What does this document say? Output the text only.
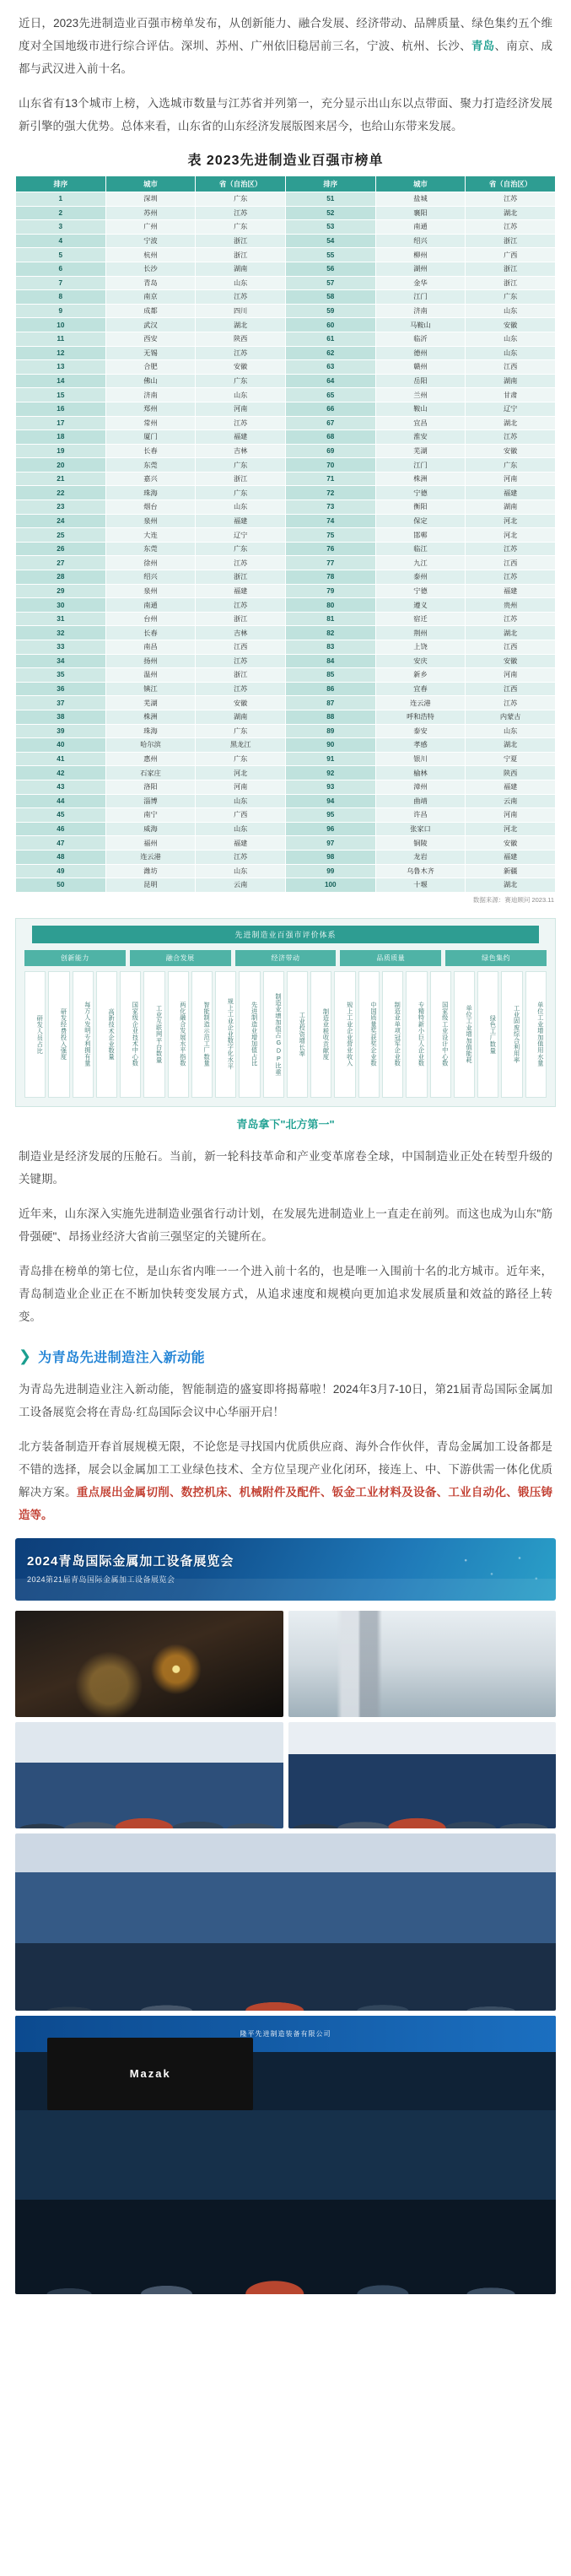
近日，2023先进制造业百强市榜单发布，从创新能力、融合发展、经济带动、品牌质量、绿色集约五个维度对全国地级市进行综合评估。深圳、苏州、广州依旧稳居前三名，宁波、杭州、长沙、青岛、南京、成都与武汉进入前十名。

山东省有13个城市上榜，入选城市数量与江苏省并列第一，充分显示出山东以点带面、聚力打造经济发展新引擎的强大优势。总体来看，山东省的山东经济发展版图来居今，也给山东带来发展。

表 2023先进制造业百强市榜单
排序	城市	省（自治区）	排序	城市	省（自治区）
1	深圳	广东	51	盐城	江苏
2	苏州	江苏	52	襄阳	湖北
3	广州	广东	53	南通	江苏
4	宁波	浙江	54	绍兴	浙江
5	杭州	浙江	55	柳州	广西
6	长沙	湖南	56	湖州	浙江
7	青岛	山东	57	金华	浙江
8	南京	江苏	58	江门	广东
9	成都	四川	59	济南	山东
10	武汉	湖北	60	马鞍山	安徽
11	西安	陕西	61	临沂	山东
12	无锡	江苏	62	德州	山东
13	合肥	安徽	63	赣州	江西
14	佛山	广东	64	岳阳	湖南
15	济南	山东	65	兰州	甘肃
16	郑州	河南	66	鞍山	辽宁
17	常州	江苏	67	宜昌	湖北
18	厦门	福建	68	淮安	江苏
19	长春	吉林	69	芜湖	安徽
20	东莞	广东	70	江门	广东
21	嘉兴	浙江	71	株洲	河南
22	珠海	广东	72	宁德	福建
23	烟台	山东	73	衡阳	湖南
24	泉州	福建	74	保定	河北
25	大连	辽宁	75	邯郸	河北
26	东莞	广东	76	临江	江苏
27	徐州	江苏	77	九江	江西
28	绍兴	浙江	78	泰州	江苏
29	泉州	福建	79	宁德	福建
30	南通	江苏	80	遵义	贵州
31	台州	浙江	81	宿迁	江苏
32	长春	吉林	82	荆州	湖北
33	南昌	江西	83	上饶	江西
34	扬州	江苏	84	安庆	安徽
35	温州	浙江	85	新乡	河南
36	镇江	江苏	86	宜春	江西
37	芜湖	安徽	87	连云港	江苏
38	株洲	湖南	88	呼和浩特	内蒙古
39	珠海	广东	89	泰安	山东
40	哈尔滨	黑龙江	90	孝感	湖北
41	惠州	广东	91	银川	宁夏
42	石家庄	河北	92	榆林	陕西
43	洛阳	河南	93	漳州	福建
44	淄博	山东	94	曲靖	云南
45	南宁	广西	95	许昌	河南
46	威海	山东	96	张家口	河北
47	福州	福建	97	铜陵	安徽
48	连云港	江苏	98	龙岩	福建
49	潍坊	山东	99	乌鲁木齐	新疆
50	昆明	云南	100	十堰	湖北
数据来源：赛迪顾问 2023.11
先进制造业百强市评价体系
创新能力	融合发展	经济带动	品质质量	绿色集约
研发人员占比	研发经费投入强度	每万人发明专利拥有量	高新技术企业数量	国家级企业技术中心数	工业互联网平台数量	两化融合发展水平指数	智能制造示范工厂数量	规上工业企业数字化水平	先进制造业增加值占比	制造业增加值占GDP比重	工业投资增长率	制造业税收贡献度	规上工业企业营业收入	中国质量奖获奖企业数	制造业单项冠军企业数	专精特新小巨人企业数	国家级工业设计中心数	单位工业增加值能耗	绿色工厂数量	工业固废综合利用率	单位工业增加值用水量
青岛拿下"北方第一"

制造业是经济发展的压舱石。当前，新一轮科技革命和产业变革席卷全球，中国制造业正处在转型升级的关键期。

近年来，山东深入实施先进制造业强省行动计划，在发展先进制造业上一直走在前列。而这也成为山东"筋骨强硬"、昂扬业经济大省前三强坚定的关键所在。

青岛排在榜单的第七位，是山东省内唯一一个进入前十名的，也是唯一入围前十名的北方城市。近年来，青岛制造业企业正在不断加快转变发展方式，从追求速度和规模向更加追求发展质量和效益的路径上转变。

❯ 为青岛先进制造注入新动能

为青岛先进制造业注入新动能，智能制造的盛宴即将揭幕啦！2024年3月7-10日，第21届青岛国际金属加工设备展览会将在青岛·红岛国际会议中心华丽开启！

北方装备制造开春首展规模无限，不论您是寻找国内优质供应商、海外合作伙伴，青岛金属加工设备都是不错的选择，展会以金属加工工业绿色技术、全方位呈现产业化闭环，接连上、中、下游供需一体化优质解决方案。重点展出金属切削、数控机床、机械附件及配件、钣金工业材料及设备、工业自动化、锻压铸造等。

2024青岛国际金属加工设备展览会
2024第21届青岛国际金属加工设备展览会
隆平先进制造装备有限公司
Mazak
